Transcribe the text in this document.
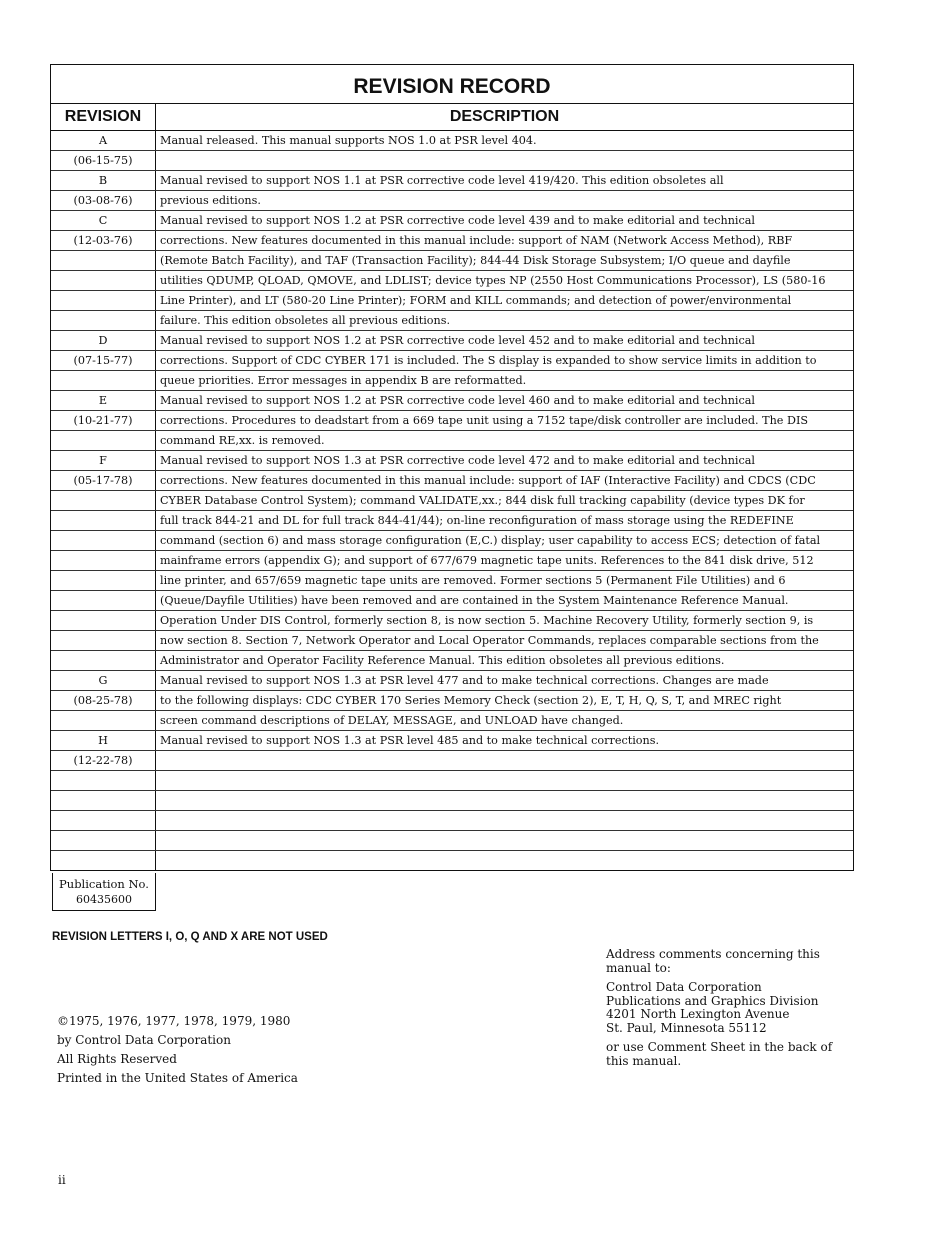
REVISION RECORD
REVISION	DESCRIPTION
A	Manual released. This manual supports NOS 1.0 at PSR level 404.
(06-15-75)	
B	Manual revised to support NOS 1.1 at PSR corrective code level 419/420. This edition obsoletes all
(03-08-76)	previous editions.
C	Manual revised to support NOS 1.2 at PSR corrective code level 439 and to make editorial and technical
(12-03-76)	corrections. New features documented in this manual include: support of NAM (Network Access Method), RBF
	(Remote Batch Facility), and TAF (Transaction Facility); 844-44 Disk Storage Subsystem; I/O queue and dayfile
	utilities QDUMP, QLOAD, QMOVE, and LDLIST; device types NP (2550 Host Communications Processor), LS (580-16
	Line Printer), and LT (580-20 Line Printer); FORM and KILL commands; and detection of power/environmental
	failure. This edition obsoletes all previous editions.
D	Manual revised to support NOS 1.2 at PSR corrective code level 452 and to make editorial and technical
(07-15-77)	corrections. Support of CDC CYBER 171 is included. The S display is expanded to show service limits in addition to
	queue priorities. Error messages in appendix B are reformatted.
E	Manual revised to support NOS 1.2 at PSR corrective code level 460 and to make editorial and technical
(10-21-77)	corrections. Procedures to deadstart from a 669 tape unit using a 7152 tape/disk controller are included. The DIS
	command RE,xx. is removed.
F	Manual revised to support NOS 1.3 at PSR corrective code level 472 and to make editorial and technical
(05-17-78)	corrections. New features documented in this manual include: support of IAF (Interactive Facility) and CDCS (CDC
	CYBER Database Control System); command VALIDATE,xx.; 844 disk full tracking capability (device types DK for
	full track 844-21 and DL for full track 844-41/44); on-line reconfiguration of mass storage using the REDEFINE
	command (section 6) and mass storage configuration (E,C.) display; user capability to access ECS; detection of fatal
	mainframe errors (appendix G); and support of 677/679 magnetic tape units. References to the 841 disk drive, 512
	line printer, and 657/659 magnetic tape units are removed. Former sections 5 (Permanent File Utilities) and 6
	(Queue/Dayfile Utilities) have been removed and are contained in the System Maintenance Reference Manual.
	Operation Under DIS Control, formerly section 8, is now section 5. Machine Recovery Utility, formerly section 9, is
	now section 8. Section 7, Network Operator and Local Operator Commands, replaces comparable sections from the
	Administrator and Operator Facility Reference Manual. This edition obsoletes all previous editions.
G	Manual revised to support NOS 1.3 at PSR level 477 and to make technical corrections. Changes are made
(08-25-78)	to the following displays: CDC CYBER 170 Series Memory Check (section 2), E, T, H, Q, S, T, and MREC right
	screen command descriptions of DELAY, MESSAGE, and UNLOAD have changed.
H	Manual revised to support NOS 1.3 at PSR level 485 and to make technical corrections.
(12-22-78)	

Publication No.
60435600
REVISION LETTERS I, O, Q AND X ARE NOT USED
©1975, 1976, 1977, 1978, 1979, 1980
by Control Data Corporation
All Rights Reserved
Printed in the United States of America
Address comments concerning this
manual to:
Control Data Corporation
Publications and Graphics Division
4201 North Lexington Avenue
St. Paul, Minnesota 55112
or use Comment Sheet in the back of
this manual.
ii
